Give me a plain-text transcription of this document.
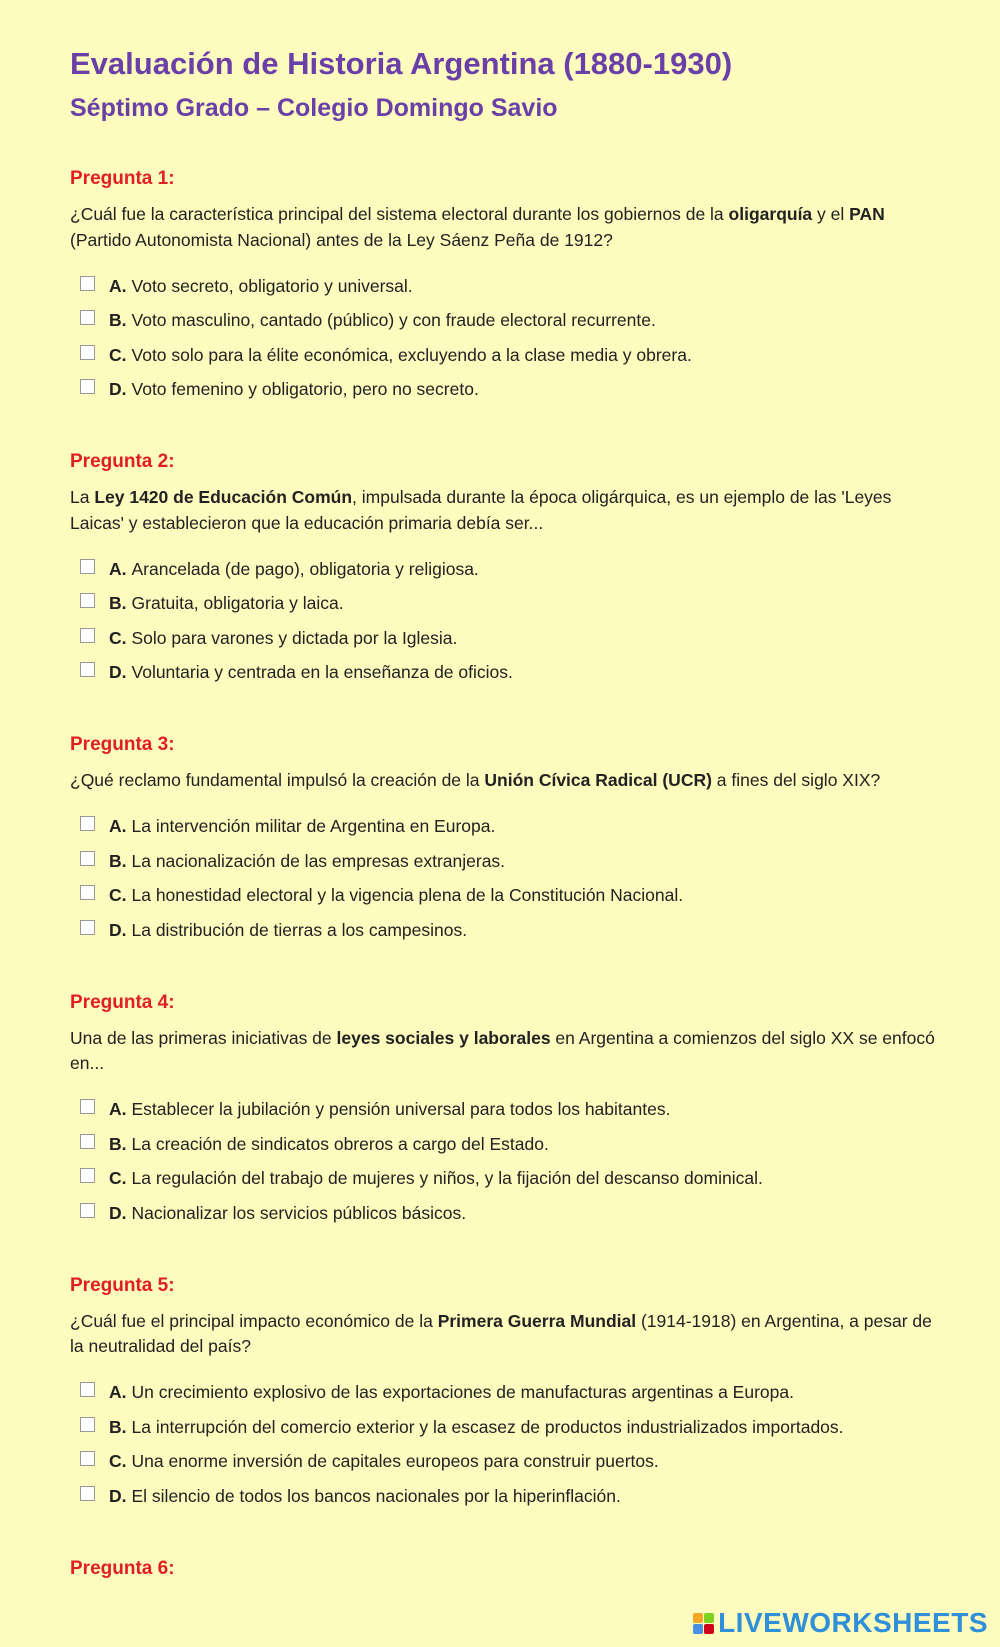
Evaluación de Historia Argentina (1880-1930)
Séptimo Grado – Colegio Domingo Savio
Pregunta 1:
¿Cuál fue la característica principal del sistema electoral durante los gobiernos de la oligarquía y el PAN (Partido Autonomista Nacional) antes de la Ley Sáenz Peña de 1912?
A. Voto secreto, obligatorio y universal.
B. Voto masculino, cantado (público) y con fraude electoral recurrente.
C. Voto solo para la élite económica, excluyendo a la clase media y obrera.
D. Voto femenino y obligatorio, pero no secreto.
Pregunta 2:
La Ley 1420 de Educación Común, impulsada durante la época oligárquica, es un ejemplo de las 'Leyes Laicas' y establecieron que la educación primaria debía ser...
A. Arancelada (de pago), obligatoria y religiosa.
B. Gratuita, obligatoria y laica.
C. Solo para varones y dictada por la Iglesia.
D. Voluntaria y centrada en la enseñanza de oficios.
Pregunta 3:
¿Qué reclamo fundamental impulsó la creación de la Unión Cívica Radical (UCR) a fines del siglo XIX?
A. La intervención militar de Argentina en Europa.
B. La nacionalización de las empresas extranjeras.
C. La honestidad electoral y la vigencia plena de la Constitución Nacional.
D. La distribución de tierras a los campesinos.
Pregunta 4:
Una de las primeras iniciativas de leyes sociales y laborales en Argentina a comienzos del siglo XX se enfocó en...
A. Establecer la jubilación y pensión universal para todos los habitantes.
B. La creación de sindicatos obreros a cargo del Estado.
C. La regulación del trabajo de mujeres y niños, y la fijación del descanso dominical.
D. Nacionalizar los servicios públicos básicos.
Pregunta 5:
¿Cuál fue el principal impacto económico de la Primera Guerra Mundial (1914-1918) en Argentina, a pesar de la neutralidad del país?
A. Un crecimiento explosivo de las exportaciones de manufacturas argentinas a Europa.
B. La interrupción del comercio exterior y la escasez de productos industrializados importados.
C. Una enorme inversión de capitales europeos para construir puertos.
D. El silencio de todos los bancos nacionales por la hiperinflación.
Pregunta 6:
LIVEWORKSHEETS
